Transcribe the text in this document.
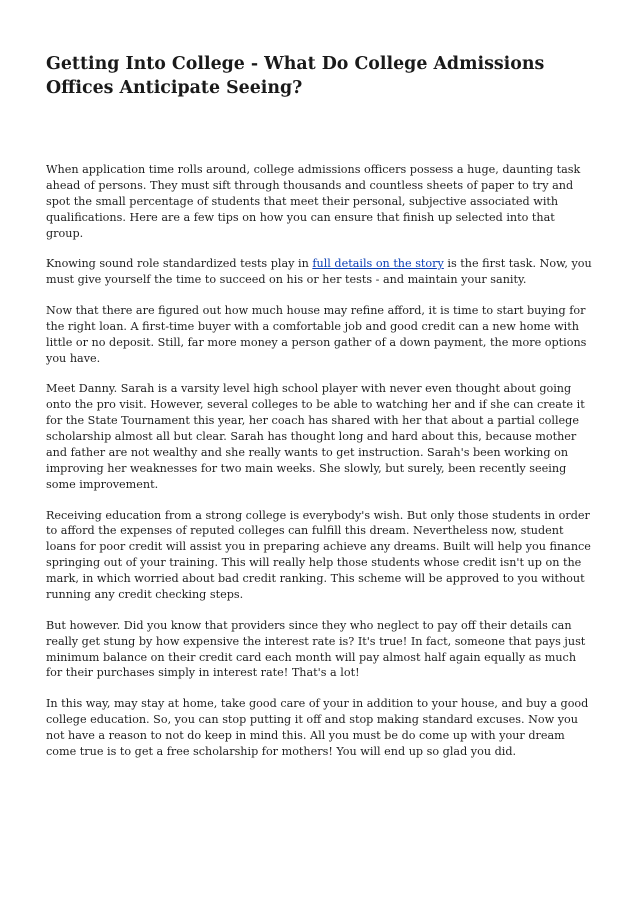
Getting Into College - What Do College Admissions Offices Anticipate Seeing?

When application time rolls around, college admissions officers possess a huge, daunting task ahead of persons. They must sift through thousands and countless sheets of paper to try and spot the small percentage of students that meet their personal, subjective associated with qualifications. Here are a few tips on how you can ensure that finish up selected into that group.

Knowing sound role standardized tests play in full details on the story is the first task. Now, you must give yourself the time to succeed on his or her tests - and maintain your sanity.

Now that there are figured out how much house may refine afford, it is time to start buying for the right loan. A first-time buyer with a comfortable job and good credit can a new home with little or no deposit. Still, far more money a person gather of a down payment, the more options you have.

Meet Danny. Sarah is a varsity level high school player with never even thought about going onto the pro visit. However, several colleges to be able to watching her and if she can create it for the State Tournament this year, her coach has shared with her that about a partial college scholarship almost all but clear. Sarah has thought long and hard about this, because mother and father are not wealthy and she really wants to get instruction. Sarah's been working on improving her weaknesses for two main weeks. She slowly, but surely, been recently seeing some improvement.

Receiving education from a strong college is everybody's wish. But only those students in order to afford the expenses of reputed colleges can fulfill this dream. Nevertheless now, student loans for poor credit will assist you in preparing achieve any dreams. Built will help you finance springing out of your training. This will really help those students whose credit isn't up on the mark, in which worried about bad credit ranking. This scheme will be approved to you without running any credit checking steps.

But however. Did you know that providers since they who neglect to pay off their details can really get stung by how expensive the interest rate is? It's true! In fact, someone that pays just minimum balance on their credit card each month will pay almost half again equally as much for their purchases simply in interest rate! That's a lot!

In this way, may stay at home, take good care of your in addition to your house, and buy a good college education. So, you can stop putting it off and stop making standard excuses. Now you not have a reason to not do keep in mind this. All you must be do come up with your dream come true is to get a free scholarship for mothers! You will end up so glad you did.
